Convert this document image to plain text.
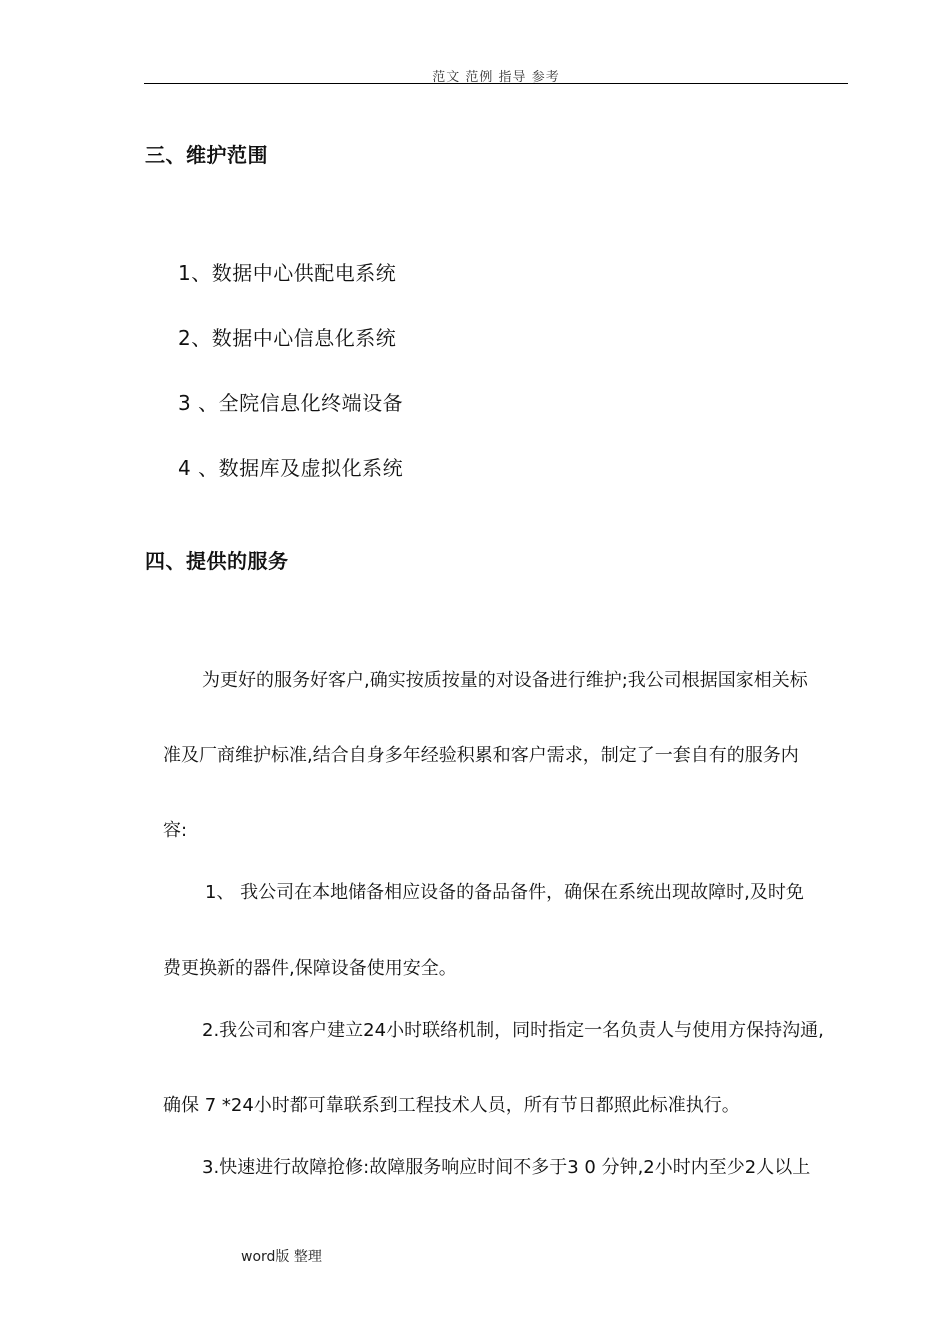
范文 范例 指导 参考
三、维护范围
1、数据中心供配电系统
2、数据中心信息化系统
3 、全院信息化终端设备
4 、数据库及虚拟化系统
四、提供的服务
为更好的服务好客户,确实按质按量的对设备进行维护;我公司根据国家相关标
准及厂商维护标准,结合自身多年经验积累和客户需求，制定了一套自有的服务内
容:
1、 我公司在本地储备相应设备的备品备件，确保在系统出现故障时,及时免
费更换新的器件,保障设备使用安全。
2.我公司和客户建立24小时联络机制，同时指定一名负责人与使用方保持沟通,
确保 7 *24小时都可靠联系到工程技术人员，所有节日都照此标准执行。
3.快速进行故障抢修:故障服务响应时间不多于3 0 分钟,2小时内至少2人以上
word版 整理
